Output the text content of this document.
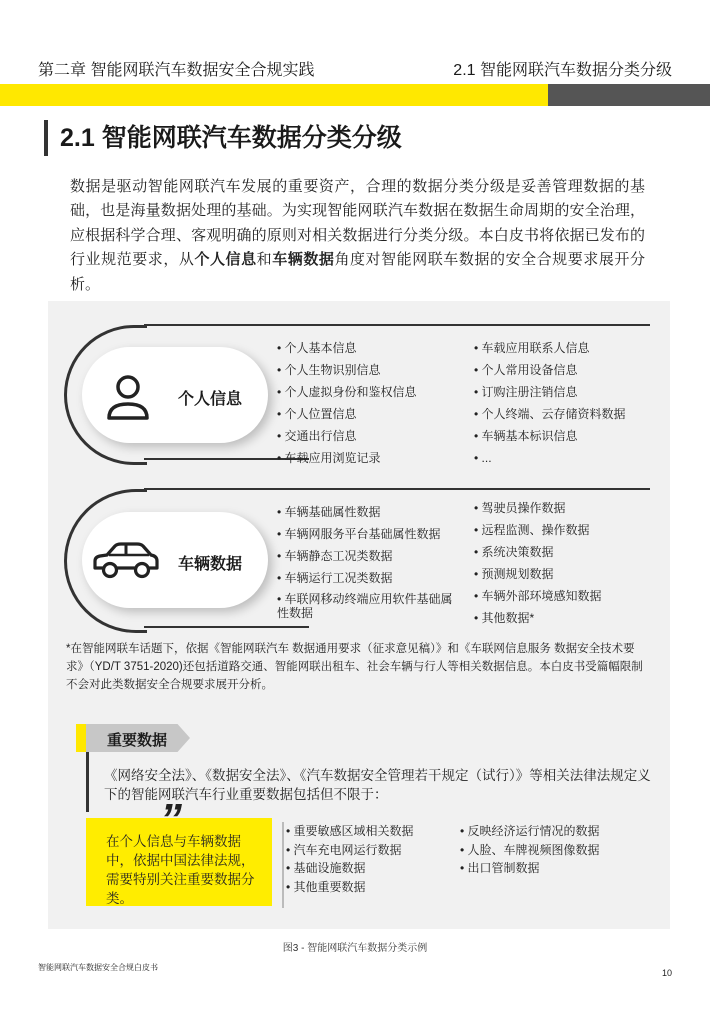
第二章 智能网联汽车数据安全合规实践	2.1 智能网联汽车数据分类分级
2.1 智能网联汽车数据分类分级
数据是驱动智能网联汽车发展的重要资产，合理的数据分类分级是妥善管理数据的基础，也是海量数据处理的基础。为实现智能网联汽车数据在数据生命周期的安全治理，应根据科学合理、客观明确的原则对相关数据进行分类分级。本白皮书将依据已发布的行业规范要求，从个人信息和车辆数据角度对智能网联车数据的安全合规要求展开分析。
个人信息
• 个人基本信息
• 个人生物识别信息
• 个人虚拟身份和鉴权信息
• 个人位置信息
• 交通出行信息
• 车载应用浏览记录
• 车载应用联系人信息
• 个人常用设备信息
• 订购注册注销信息
• 个人终端、云存储资料数据
• 车辆基本标识信息
• ...
车辆数据
• 车辆基础属性数据
• 车辆网服务平台基础属性数据
• 车辆静态工况类数据
• 车辆运行工况类数据
• 车联网移动终端应用软件基础属性数据
• 驾驶员操作数据
• 远程监测、操作数据
• 系统决策数据
• 预测规划数据
• 车辆外部环境感知数据
• 其他数据*
• 重要敏感区域相关数据
• 汽车充电网运行数据
• 基础设施数据
• 其他重要数据
• 反映经济运行情况的数据
• 人脸、车牌视频图像数据
• 出口管制数据
*在智能网联车话题下，依据《智能网联汽车 数据通用要求（征求意见稿）》和《车联网信息服务 数据安全技术要求》（YD/T 3751-2020)还包括道路交通、智能网联出租车、社会车辆与行人等相关数据信息。本白皮书受篇幅限制不会对此类数据安全合规要求展开分析。
重要数据
《网络安全法》、《数据安全法》、《汽车数据安全管理若干规定（试行）》等相关法律法规定义下的智能网联汽车行业重要数据包括但不限于：
”
在个人信息与车辆数据中，依据中国法律法规，需要特别关注重要数据分类。
图3 - 智能网联汽车数据分类示例
智能网联汽车数据安全合规白皮书
10
